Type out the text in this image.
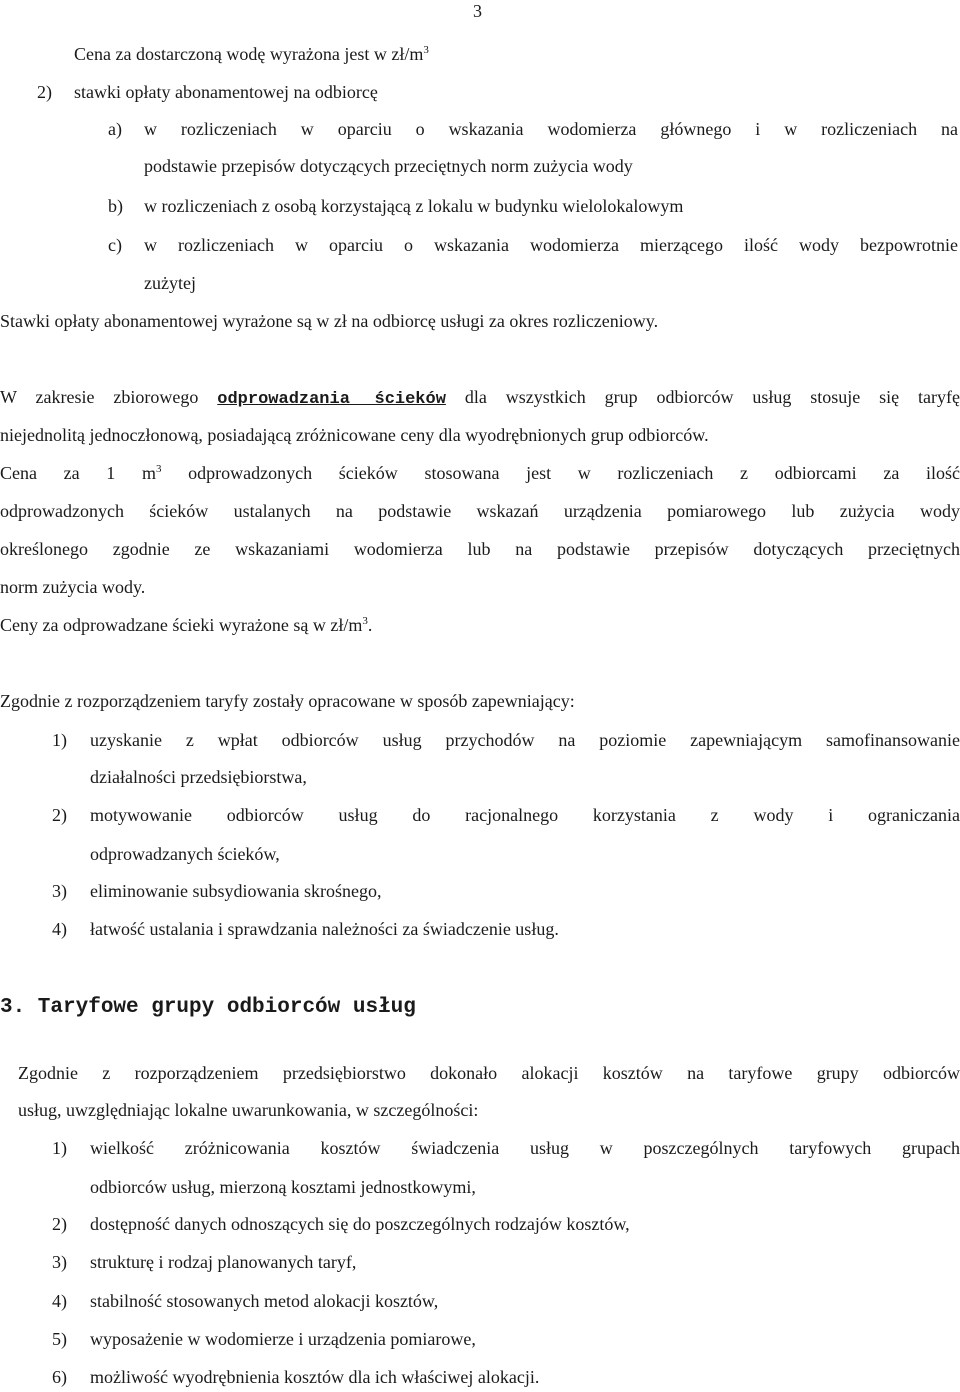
3
Cena za dostarczoną wodę wyrażona jest w $zł/m^3$
2) stawki opłaty abonamentowej na odbiorcę
a) w rozliczeniach w oparciu o wskazania wodomierza głównego i w rozliczeniach na
podstawie przepisów dotyczących przeciętnych norm zużycia wody
b) w rozliczeniach z osobą korzystającą z lokalu w budynku wielolokalowym
c) w rozliczeniach w oparciu o wskazania wodomierza mierzącego ilość wody bezpowrotnie
zużytej
Stawki opłaty abonamentowej wyrażone są w zł na odbiorcę usługi za okres rozliczeniowy.
W zakresie zbiorowego odprowadzania ścieków dla wszystkich grup odbiorców usług stosuje się taryfę
niejednolitą jednoczłonową, posiadającą zróżnicowane ceny dla wyodrębnionych grup odbiorców.
Cena za 1 $m^3$ odprowadzonych ścieków stosowana jest w rozliczeniach z odbiorcami za ilość
odprowadzonych ścieków ustalanych na podstawie wskazań urządzenia pomiarowego lub zużycia wody
określonego zgodnie ze wskazaniami wodomierza lub na podstawie przepisów dotyczących przeciętnych
norm zużycia wody.
Ceny za odprowadzane ścieki wyrażone są w $zł/m^3$.
Zgodnie z rozporządzeniem taryfy zostały opracowane w sposób zapewniający:
1) uzyskanie z wpłat odbiorców usług przychodów na poziomie zapewniającym samofinansowanie
działalności przedsiębiorstwa,
2) motywowanie odbiorców usług do racjonalnego korzystania z wody i ograniczania
odprowadzanych ścieków,
3) eliminowanie subsydiowania skrośnego,
4) łatwość ustalania i sprawdzania należności za świadczenie usług.
3. Taryfowe grupy odbiorców usług
Zgodnie z rozporządzeniem przedsiębiorstwo dokonało alokacji kosztów na taryfowe grupy odbiorców
usług, uwzględniając lokalne uwarunkowania, w szczególności:
1) wielkość zróżnicowania kosztów świadczenia usług w poszczególnych taryfowych grupach
odbiorców usług, mierzoną kosztami jednostkowymi,
2) dostępność danych odnoszących się do poszczególnych rodzajów kosztów,
3) strukturę i rodzaj planowanych taryf,
4) stabilność stosowanych metod alokacji kosztów,
5) wyposażenie w wodomierze i urządzenia pomiarowe,
6) możliwość wyodrębnienia kosztów dla ich właściwej alokacji.
